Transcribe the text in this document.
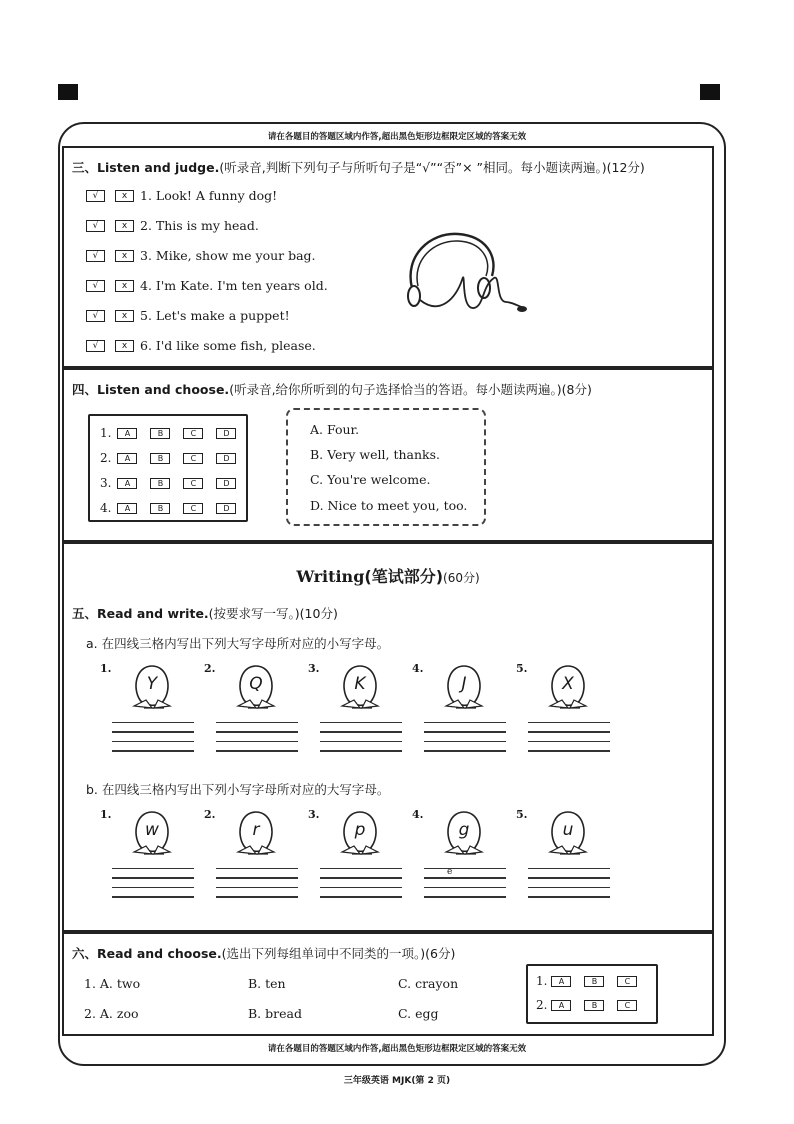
请在各题目的答题区域内作答,超出黑色矩形边框限定区域的答案无效
三、Listen and judge.(听录音,判断下列句子与所听句子是“√”“否”× ”相同。每小题读两遍。)(12分)
√	x	1. Look! A funny dog!
√	x	2. This is my head.
√	x	3. Mike, show me your bag.
√	x	4. I'm Kate. I'm ten years old.
√	x	5. Let's make a puppet!
√	x	6. I'd like some fish, please.
四、Listen and choose.(听录音,给你所听到的句子选择恰当的答语。每小题读两遍。)(8分)
1.	A	B	C	D
2.	A	B	C	D
3.	A	B	C	D
4.	A	B	C	D
A. Four.
B. Very well, thanks.
C. You're welcome.
D. Nice to meet you, too.
Writing(笔试部分)(60分)
五、Read and write.(按要求写一写。)(10分)
a. 在四线三格内写出下列大写字母所对应的小写字母。
1.
Y
2.
Q
3.
K
4.
J
5.
X
b. 在四线三格内写出下列小写字母所对应的大写字母。
1.
w
2.
r
3.
p
4.
g
5.
u
e
六、Read and choose.(选出下列每组单词中不同类的一项。)(6分)
1. A. two	B. ten	C. crayon
2. A. zoo	B. bread	C. egg
1.	A	B	C
2.	A	B	C
请在各题目的答题区域内作答,超出黑色矩形边框限定区域的答案无效
三年级英语 MJK(第 2 页)
